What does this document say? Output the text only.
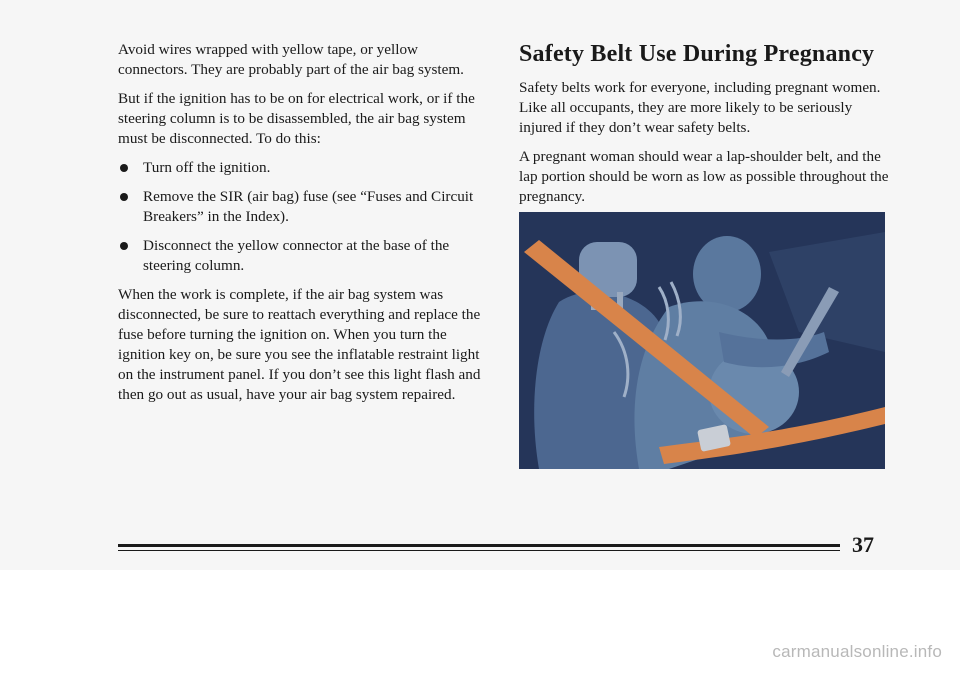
Avoid wires wrapped with yellow tape, or yellow connectors. They are probably part of the air bag system.

But if the ignition has to be on for electrical work, or if the steering column is to be disassembled, the air bag system must be disconnected. To do this:

Turn off the ignition.
Remove the SIR (air bag) fuse (see “Fuses and Circuit Breakers” in the Index).
Disconnect the yellow connector at the base of the steering column.

When the work is complete, if the air bag system was disconnected, be sure to reattach everything and replace the fuse before turning the ignition on. When you turn the ignition key on, be sure you see the inflatable restraint light on the instrument panel. If you don’t see this light flash and then go out as usual, have your air bag system repaired.

Safety Belt Use During Pregnancy

Safety belts work for everyone, including pregnant women. Like all occupants, they are more likely to be seriously injured if they don’t wear safety belts.

A pregnant woman should wear a lap-shoulder belt, and the lap portion should be worn as low as possible throughout the pregnancy.

37
carmanualsonline.info
